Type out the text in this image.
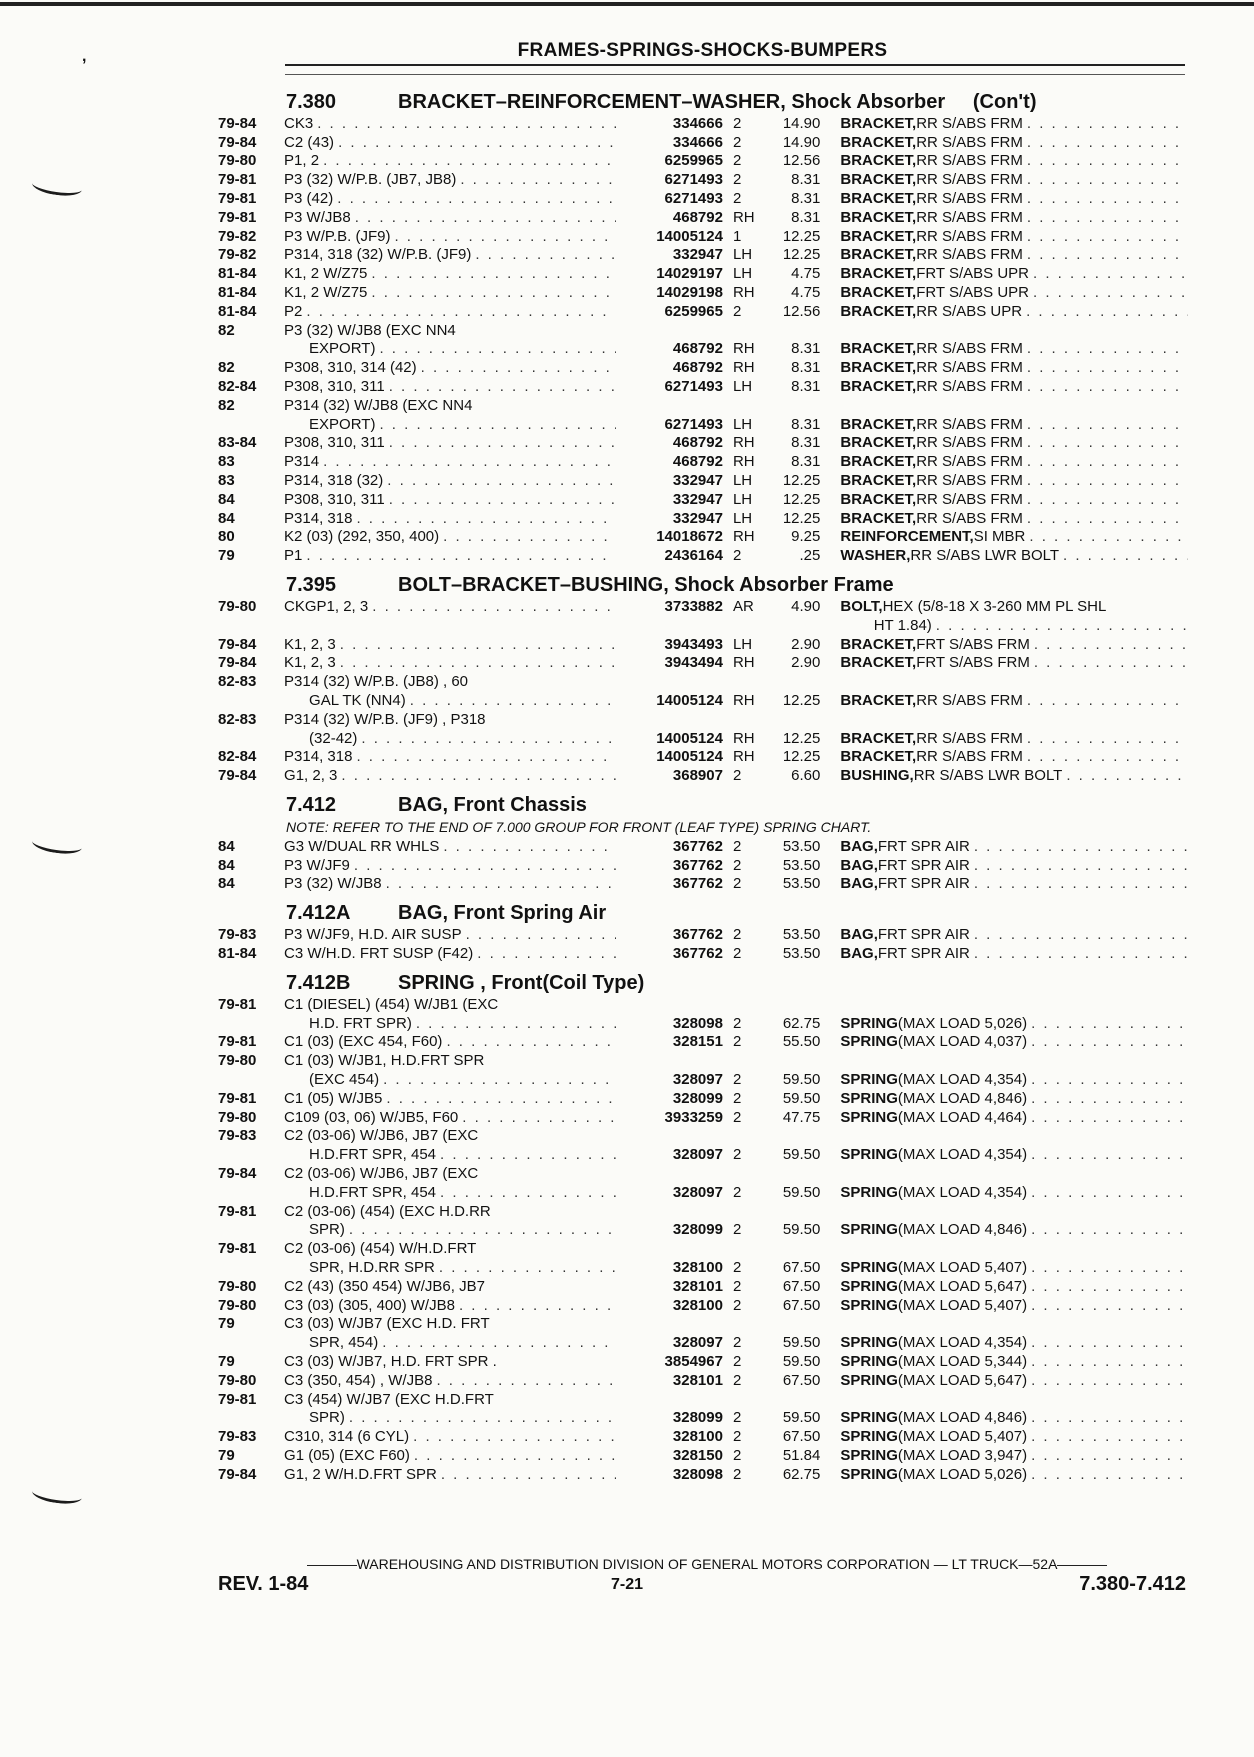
,	FRAMES-SPRINGS-SHOCKS-BUMPERS
7.380	BRACKET–REINFORCEMENT–WASHER, Shock Absorber     (Con't)
79-84	CK3 . . .	334666 2	14.90 BRACKET, RR S/ABS FRM
. . .
79-84	C2 (43) . . .	334666 2	14.90 BRACKET, RR S/ABS FRM
. . .
79-80	P1, 2 . . .	6259965 2	12.56 BRACKET, RR S/ABS FRM
. . .
79-81	P3 (32) W/P.B. (JB7, JB8) . . .	6271493 2	8.31 BRACKET, RR S/ABS FRM
. . .
79-81	P3 (42) . . .	6271493 2	8.31 BRACKET, RR S/ABS FRM
. . .
79-81	P3 W/JB8 . . .	468792 RH	8.31 BRACKET, RR S/ABS FRM
. . .
79-82	P3 W/P.B. (JF9) . . .	14005124 1	12.25 BRACKET, RR S/ABS FRM
. . .
79-82	P314, 318 (32) W/P.B. (JF9) . . .	332947 LH	12.25 BRACKET, RR S/ABS FRM
. . .
81-84	K1, 2 W/Z75 . . .	14029197 LH	4.75 BRACKET, FRT S/ABS UPR
. . .
81-84	K1, 2 W/Z75 . . .	14029198 RH	4.75 BRACKET, FRT S/ABS UPR
. . .
81-84	P2 . . .	6259965 2	12.56 BRACKET, RR S/ABS UPR
. . .
82	P3 (32) W/JB8 (EXC NN4
EXPORT) . . .	468792 RH	8.31 BRACKET, RR S/ABS FRM
. . .
82	P308, 310, 314 (42) . . .	468792 RH	8.31 BRACKET, RR S/ABS FRM
. . .
82-84	P308, 310, 311 . . .	6271493 LH	8.31 BRACKET, RR S/ABS FRM
. . .
82	P314 (32) W/JB8 (EXC NN4
EXPORT) . . .	6271493 LH	8.31 BRACKET, RR S/ABS FRM
. . .
83-84	P308, 310, 311 . . .	468792 RH	8.31 BRACKET, RR S/ABS FRM
. . .
83	P314 . . .	468792 RH	8.31 BRACKET, RR S/ABS FRM
. . .
83	P314, 318 (32) . . .	332947 LH	12.25 BRACKET, RR S/ABS FRM
. . .
84	P308, 310, 311 . . .	332947 LH	12.25 BRACKET, RR S/ABS FRM
. . .
84	P314, 318 . . .	332947 LH	12.25 BRACKET, RR S/ABS FRM
. . .
80	K2 (03) (292, 350, 400) . . .	14018672 RH	9.25 REINFORCEMENT, SI MBR
. . .
79	P1 . . .	2436164 2	.25 WASHER, RR S/ABS LWR BOLT
. . .
7.395	BOLT–BRACKET–BUSHING, Shock Absorber Frame
79-80	CKGP1, 2, 3 . . .	3733882 AR	4.90 BOLT, HEX (5/8-18 X 3-260 MM PL SHL
HT 1.84)
. . .
79-84	K1, 2, 3 . . .	3943493 LH	2.90 BRACKET, FRT S/ABS FRM
. . .
79-84	K1, 2, 3 . . .	3943494 RH	2.90 BRACKET, FRT S/ABS FRM
. . .
82-83	P314 (32) W/P.B. (JB8) , 60
GAL TK (NN4) . . .	14005124 RH	12.25 BRACKET, RR S/ABS FRM
. . .
82-83	P314 (32) W/P.B. (JF9) , P318
(32-42) . . .	14005124 RH	12.25 BRACKET, RR S/ABS FRM
. . .
82-84	P314, 318 . . .	14005124 RH	12.25 BRACKET, RR S/ABS FRM
. . .
79-84	G1, 2, 3 . . .	368907 2	6.60 BUSHING, RR S/ABS LWR BOLT
. . .
7.412	BAG, Front Chassis
NOTE: REFER TO THE END OF 7.000 GROUP FOR FRONT (LEAF TYPE) SPRING CHART.
84	G3 W/DUAL RR WHLS . . .	367762 2	53.50 BAG, FRT SPR AIR
. . .
84	P3 W/JF9 . . .	367762 2	53.50 BAG, FRT SPR AIR
. . .
84	P3 (32) W/JB8 . . .	367762 2	53.50 BAG, FRT SPR AIR
. . .
7.412A	BAG, Front Spring Air
79-83	P3 W/JF9, H.D. AIR SUSP . . .	367762 2	53.50 BAG, FRT SPR AIR
. . .
81-84	C3 W/H.D. FRT SUSP (F42) . . .	367762 2	53.50 BAG, FRT SPR AIR
. . .
7.412B	SPRING , Front(Coil Type)
79-81	C1 (DIESEL) (454) W/JB1 (EXC
H.D. FRT SPR) . . .	328098 2	62.75 SPRING (MAX LOAD 5,026)
. . .
79-81	C1 (03) (EXC 454, F60) . . .	328151 2	55.50 SPRING (MAX LOAD 4,037)
. . .
79-80	C1 (03) W/JB1, H.D.FRT SPR
(EXC 454) . . .	328097 2	59.50 SPRING (MAX LOAD 4,354)
. . .
79-81	C1 (05) W/JB5 . . .	328099 2	59.50 SPRING (MAX LOAD 4,846)
. . .
79-80	C109 (03, 06) W/JB5, F60 . . .	3933259 2	47.75 SPRING (MAX LOAD 4,464)
. . .
79-83	C2 (03-06) W/JB6, JB7 (EXC
H.D.FRT SPR, 454 . . .	328097 2	59.50 SPRING (MAX LOAD 4,354)
. . .
79-84	C2 (03-06) W/JB6, JB7 (EXC
H.D.FRT SPR, 454 . . .	328097 2	59.50 SPRING (MAX LOAD 4,354)
. . .
79-81	C2 (03-06) (454) (EXC H.D.RR
SPR) . . .	328099 2	59.50 SPRING (MAX LOAD 4,846)
. . .
79-81	C2 (03-06) (454) W/H.D.FRT
SPR, H.D.RR SPR . . .	328100 2	67.50 SPRING (MAX LOAD 5,407)
. . .
79-80	C2 (43) (350 454) W/JB6, JB7	328101 2	67.50 SPRING (MAX LOAD 5,647)
. . .
79-80	C3 (03) (305, 400) W/JB8 . . .	328100 2	67.50 SPRING (MAX LOAD 5,407)
. . .
79	C3 (03) W/JB7 (EXC H.D. FRT
SPR, 454) . . .	328097 2	59.50 SPRING (MAX LOAD 4,354)
. . .
79	C3 (03) W/JB7, H.D. FRT SPR .	3854967 2	59.50 SPRING (MAX LOAD 5,344)
. . .
79-80	C3 (350, 454) , W/JB8 . . .	328101 2	67.50 SPRING (MAX LOAD 5,647)
. . .
79-81	C3 (454) W/JB7 (EXC H.D.FRT
SPR) . . .	328099 2	59.50 SPRING (MAX LOAD 4,846)
. . .
79-83	C310, 314 (6 CYL) . . .	328100 2	67.50 SPRING (MAX LOAD 5,407)
. . .
79	G1 (05) (EXC F60) . . .	328150 2	51.84 SPRING (MAX LOAD 3,947)
. . .
79-84	G1, 2 W/H.D.FRT SPR . . .	328098 2	62.75 SPRING (MAX LOAD 5,026)
. . .
WAREHOUSING AND DISTRIBUTION DIVISION OF GENERAL MOTORS CORPORATION — LT TRUCK—52A
REV. 1-84	7-21	7.380-7.412
